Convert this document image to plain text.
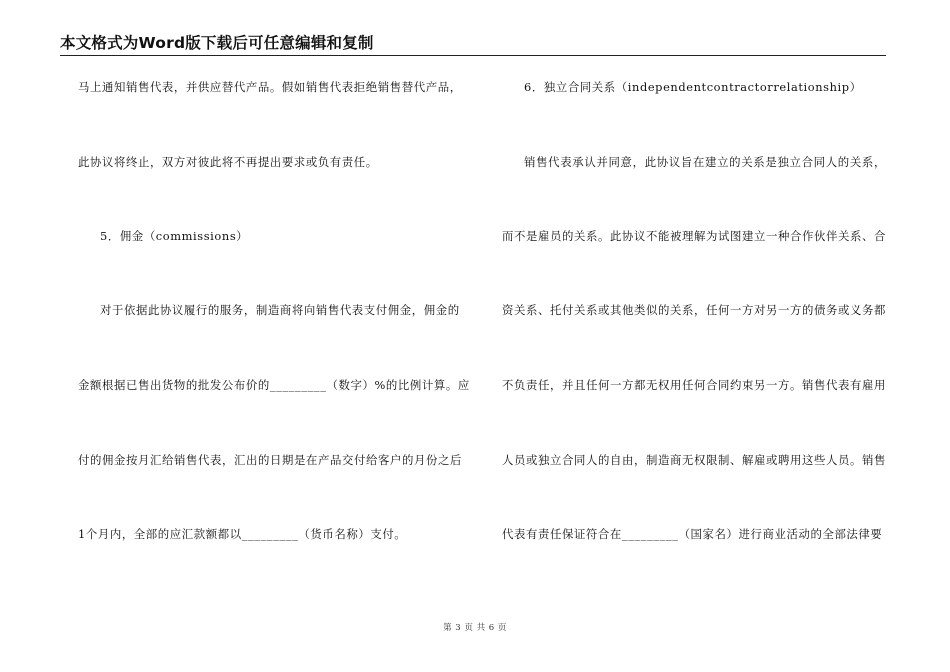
本文格式为Word版下载后可任意编辑和复制
马上通知销售代表，并供应替代产品。假如销售代表拒绝销售替代产品，
此协议将终止，双方对彼此将不再提出要求或负有责任。
5．佣金（commissions）
对于依据此协议履行的服务，制造商将向销售代表支付佣金，佣金的
金额根据已售出货物的批发公布价的_________（数字）%的比例计算。应
付的佣金按月汇给销售代表，汇出的日期是在产品交付给客户的月份之后
1个月内，全部的应汇款额都以_________（货币名称）支付。
6．独立合同关系（independentcontractorrelationship）
销售代表承认并同意，此协议旨在建立的关系是独立合同人的关系，
而不是雇员的关系。此协议不能被理解为试图建立一种合作伙伴关系、合
资关系、托付关系或其他类似的关系，任何一方对另一方的债务或义务都
不负责任，并且任何一方都无权用任何合同约束另一方。销售代表有雇用
人员或独立合同人的自由，制造商无权限制、解雇或聘用这些人员。销售
代表有责任保证符合在_________（国家名）进行商业活动的全部法律要
第 3 页 共 6 页
